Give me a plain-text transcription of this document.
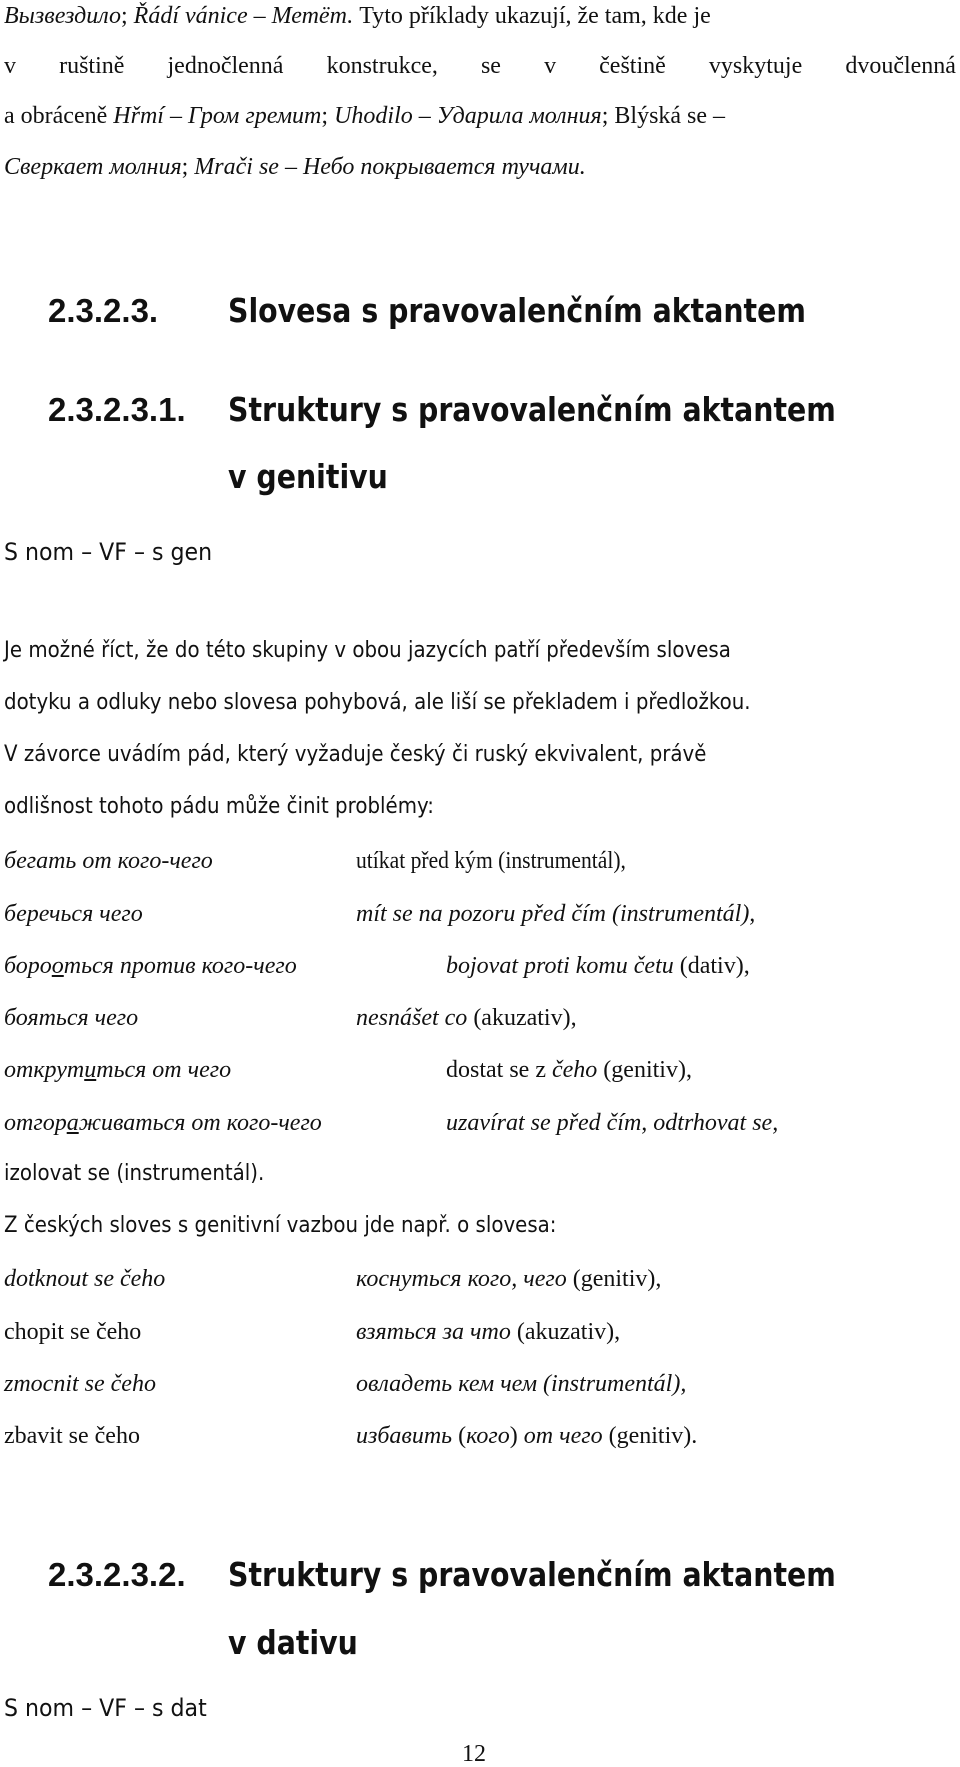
Вызвездило; Řádí vánice – Метёт. Tyto příklady ukazují, že tam, kde je
v ruštině jednočlenná konstrukce, se v češtině vyskytuje dvoučlenná
a obráceně Hřmí – Гром гремит; Uhodilo – Ударила молния; Blýská se –
Сверкает молния; Mrači se – Небо покрывается тучами.
2.3.2.3. Slovesa s pravovalenčním aktantem
2.3.2.3.1. Struktury s pravovalenčním aktantem
v genitivu
S nom – VF – s gen
Je možné říct, že do této skupiny v obou jazycích patří především slovesa
dotyku a odluky nebo slovesa pohybová, ale liší se překladem i předložkou.
V závorce uvádím pád, který vyžaduje český či ruský ekvivalent, právě
odlišnost tohoto pádu může činit problémy:
бегать от кого-чего	utíkat před kým (instrumentál),
беречься чего	mít se na pozoru před čím (instrumentál),
борооться против кого-чего	bojovat proti komu četu (dativ),
бояться чего	nesnášet co (akuzativ),
открутиться от чего	dostat se z čeho (genitiv),
отгораживаться от кого-чего	uzavírat se před čím, odtrhovat se,
izolovat se (instrumentál).
Z českých sloves s genitivní vazbou jde např. o slovesa:
dotknout se čeho	коснуться кого, чего (genitiv),
chopit se čeho	взяться за что (akuzativ),
zmocnit se čeho	овладеть кем чем (instrumentál),
zbavit se čeho	избавить (кого) от чего (genitiv).
2.3.2.3.2. Struktury s pravovalenčním aktantem
v dativu
S nom – VF – s dat
12
